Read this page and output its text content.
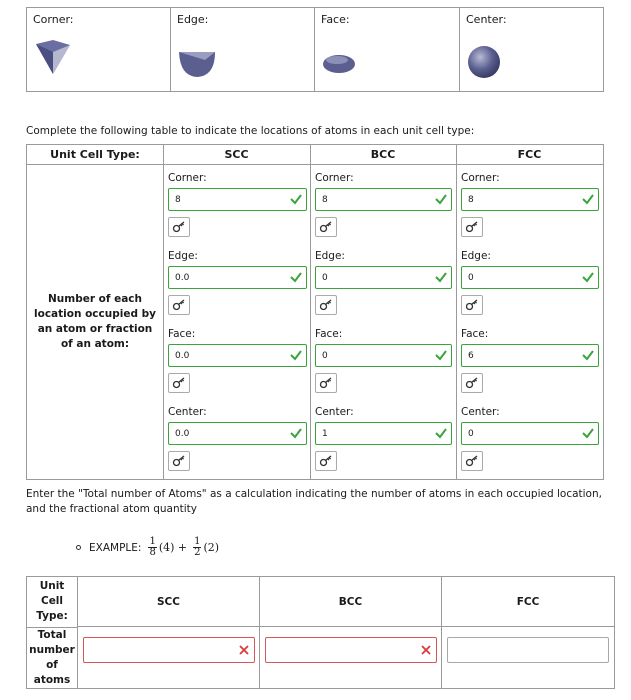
Corner:	Edge:	Face:	Center:
Complete the following table to indicate the locations of atoms in each unit cell type:
Unit Cell Type:	SCC	BCC	FCC
Number of each location occupied by an atom or fraction of an atom:
Corner:
8
Edge:
0.0
Face:
0.0
Center:
0.0
Corner:
8
Edge:
0
Face:
0
Center:
1
Corner:
8
Edge:
0
Face:
6
Center:
0
Enter the "Total number of Atoms" as a calculation indicating the number of atoms in each occupied location, and the fractional atom quantity
EXAMPLE: $\frac{1}{8} (4) + \frac{1}{2} (2)$
Unit Cell Type:
Total number of atoms
SCC	BCC	FCC
